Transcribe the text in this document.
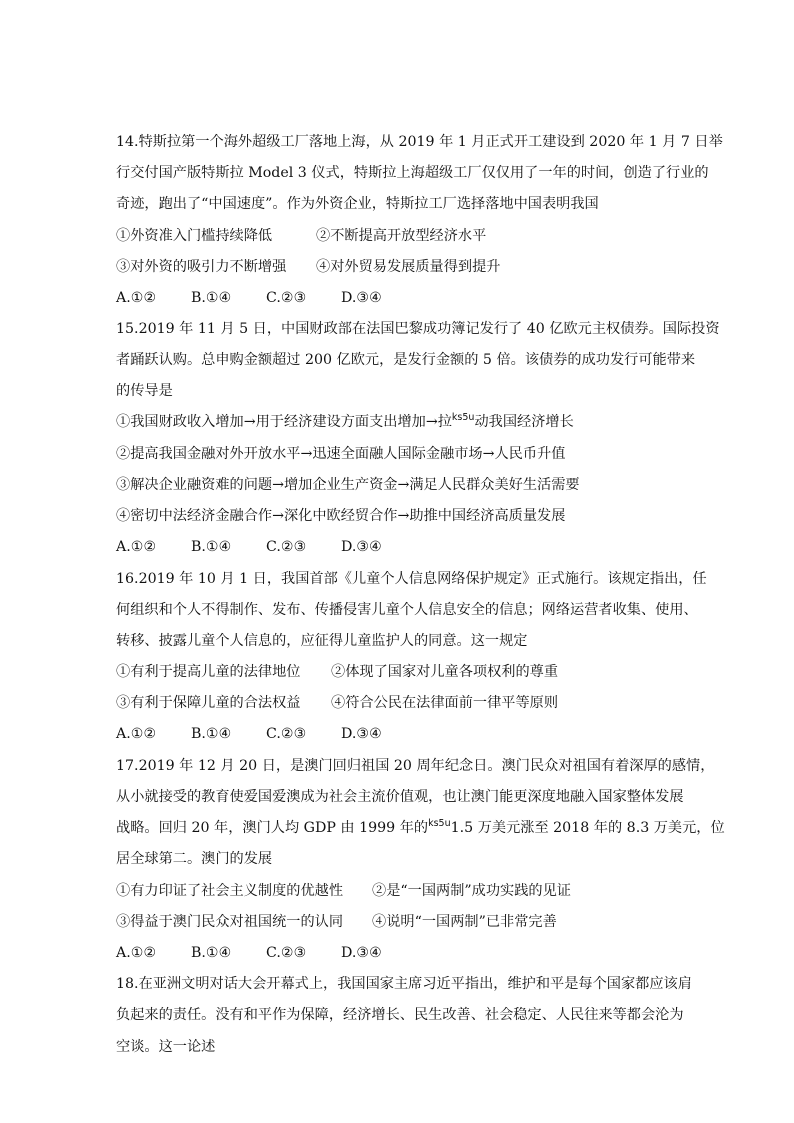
14.特斯拉第一个海外超级工厂落地上海，从 2019 年 1 月正式开工建设到 2020 年 1 月 7 日举
行交付国产版特斯拉 Model 3 仪式，特斯拉上海超级工厂仅仅用了一年的时间，创造了行业的
奇迹，跑出了“中国速度”。作为外资企业，特斯拉工厂选择落地中国表明我国
①外资准入门槛持续降低	②不断提高开放型经济水平
③对外资的吸引力不断增强 ④对外贸易发展质量得到提升
A.①② B.①④ C.②③ D.③④
15.2019 年 11 月 5 日，中国财政部在法国巴黎成功簿记发行了 40 亿欧元主权债券。国际投资
者踊跃认购。总申购金额超过 200 亿欧元，是发行金额的 5 倍。该债券的成功发行可能带来
的传导是
①我国财政收入增加→用于经济建设方面支出增加→拉$^{ks5u}$动我国经济增长
②提高我国金融对外开放水平→迅速全面融人国际金融市场→人民币升值
③解决企业融资难的问题→增加企业生产资金→满足人民群众美好生活需要
④密切中法经济金融合作→深化中欧经贸合作→助推中国经济高质量发展
A.①② B.①④ C.②③ D.③④
16.2019 年 10 月 1 日，我国首部《儿童个人信息网络保护规定》正式施行。该规定指出，任
何组织和个人不得制作、发布、传播侵害儿童个人信息安全的信息；网络运营者收集、使用、
转移、披露儿童个人信息的，应征得儿童监护人的同意。这一规定
①有利于提高儿童的法律地位 ②体现了国家对儿童各项权利的尊重
③有利于保障儿童的合法权益 ④符合公民在法律面前一律平等原则
A.①② B.①④ C.②③ D.③④
17.2019 年 12 月 20 日，是澳门回归祖国 20 周年纪念日。澳门民众对祖国有着深厚的感情，
从小就接受的教育使爱国爱澳成为社会主流价值观，也让澳门能更深度地融入国家整体发展
战略。回归 20 年，澳门人均 GDP 由 1999 年的$^{ks5u}$1.5 万美元涨至 2018 年的 8.3 万美元，位
居全球第二。澳门的发展
①有力印证了社会主义制度的优越性 ②是“一国两制”成功实践的见证
③得益于澳门民众对祖国统一的认同 ④说明“一国两制”已非常完善
A.①② B.①④ C.②③ D.③④
18.在亚洲文明对话大会开幕式上，我国国家主席习近平指出，维护和平是每个国家都应该肩
负起来的责任。没有和平作为保障，经济增长、民生改善、社会稳定、人民往来等都会沦为
空谈。这一论述
